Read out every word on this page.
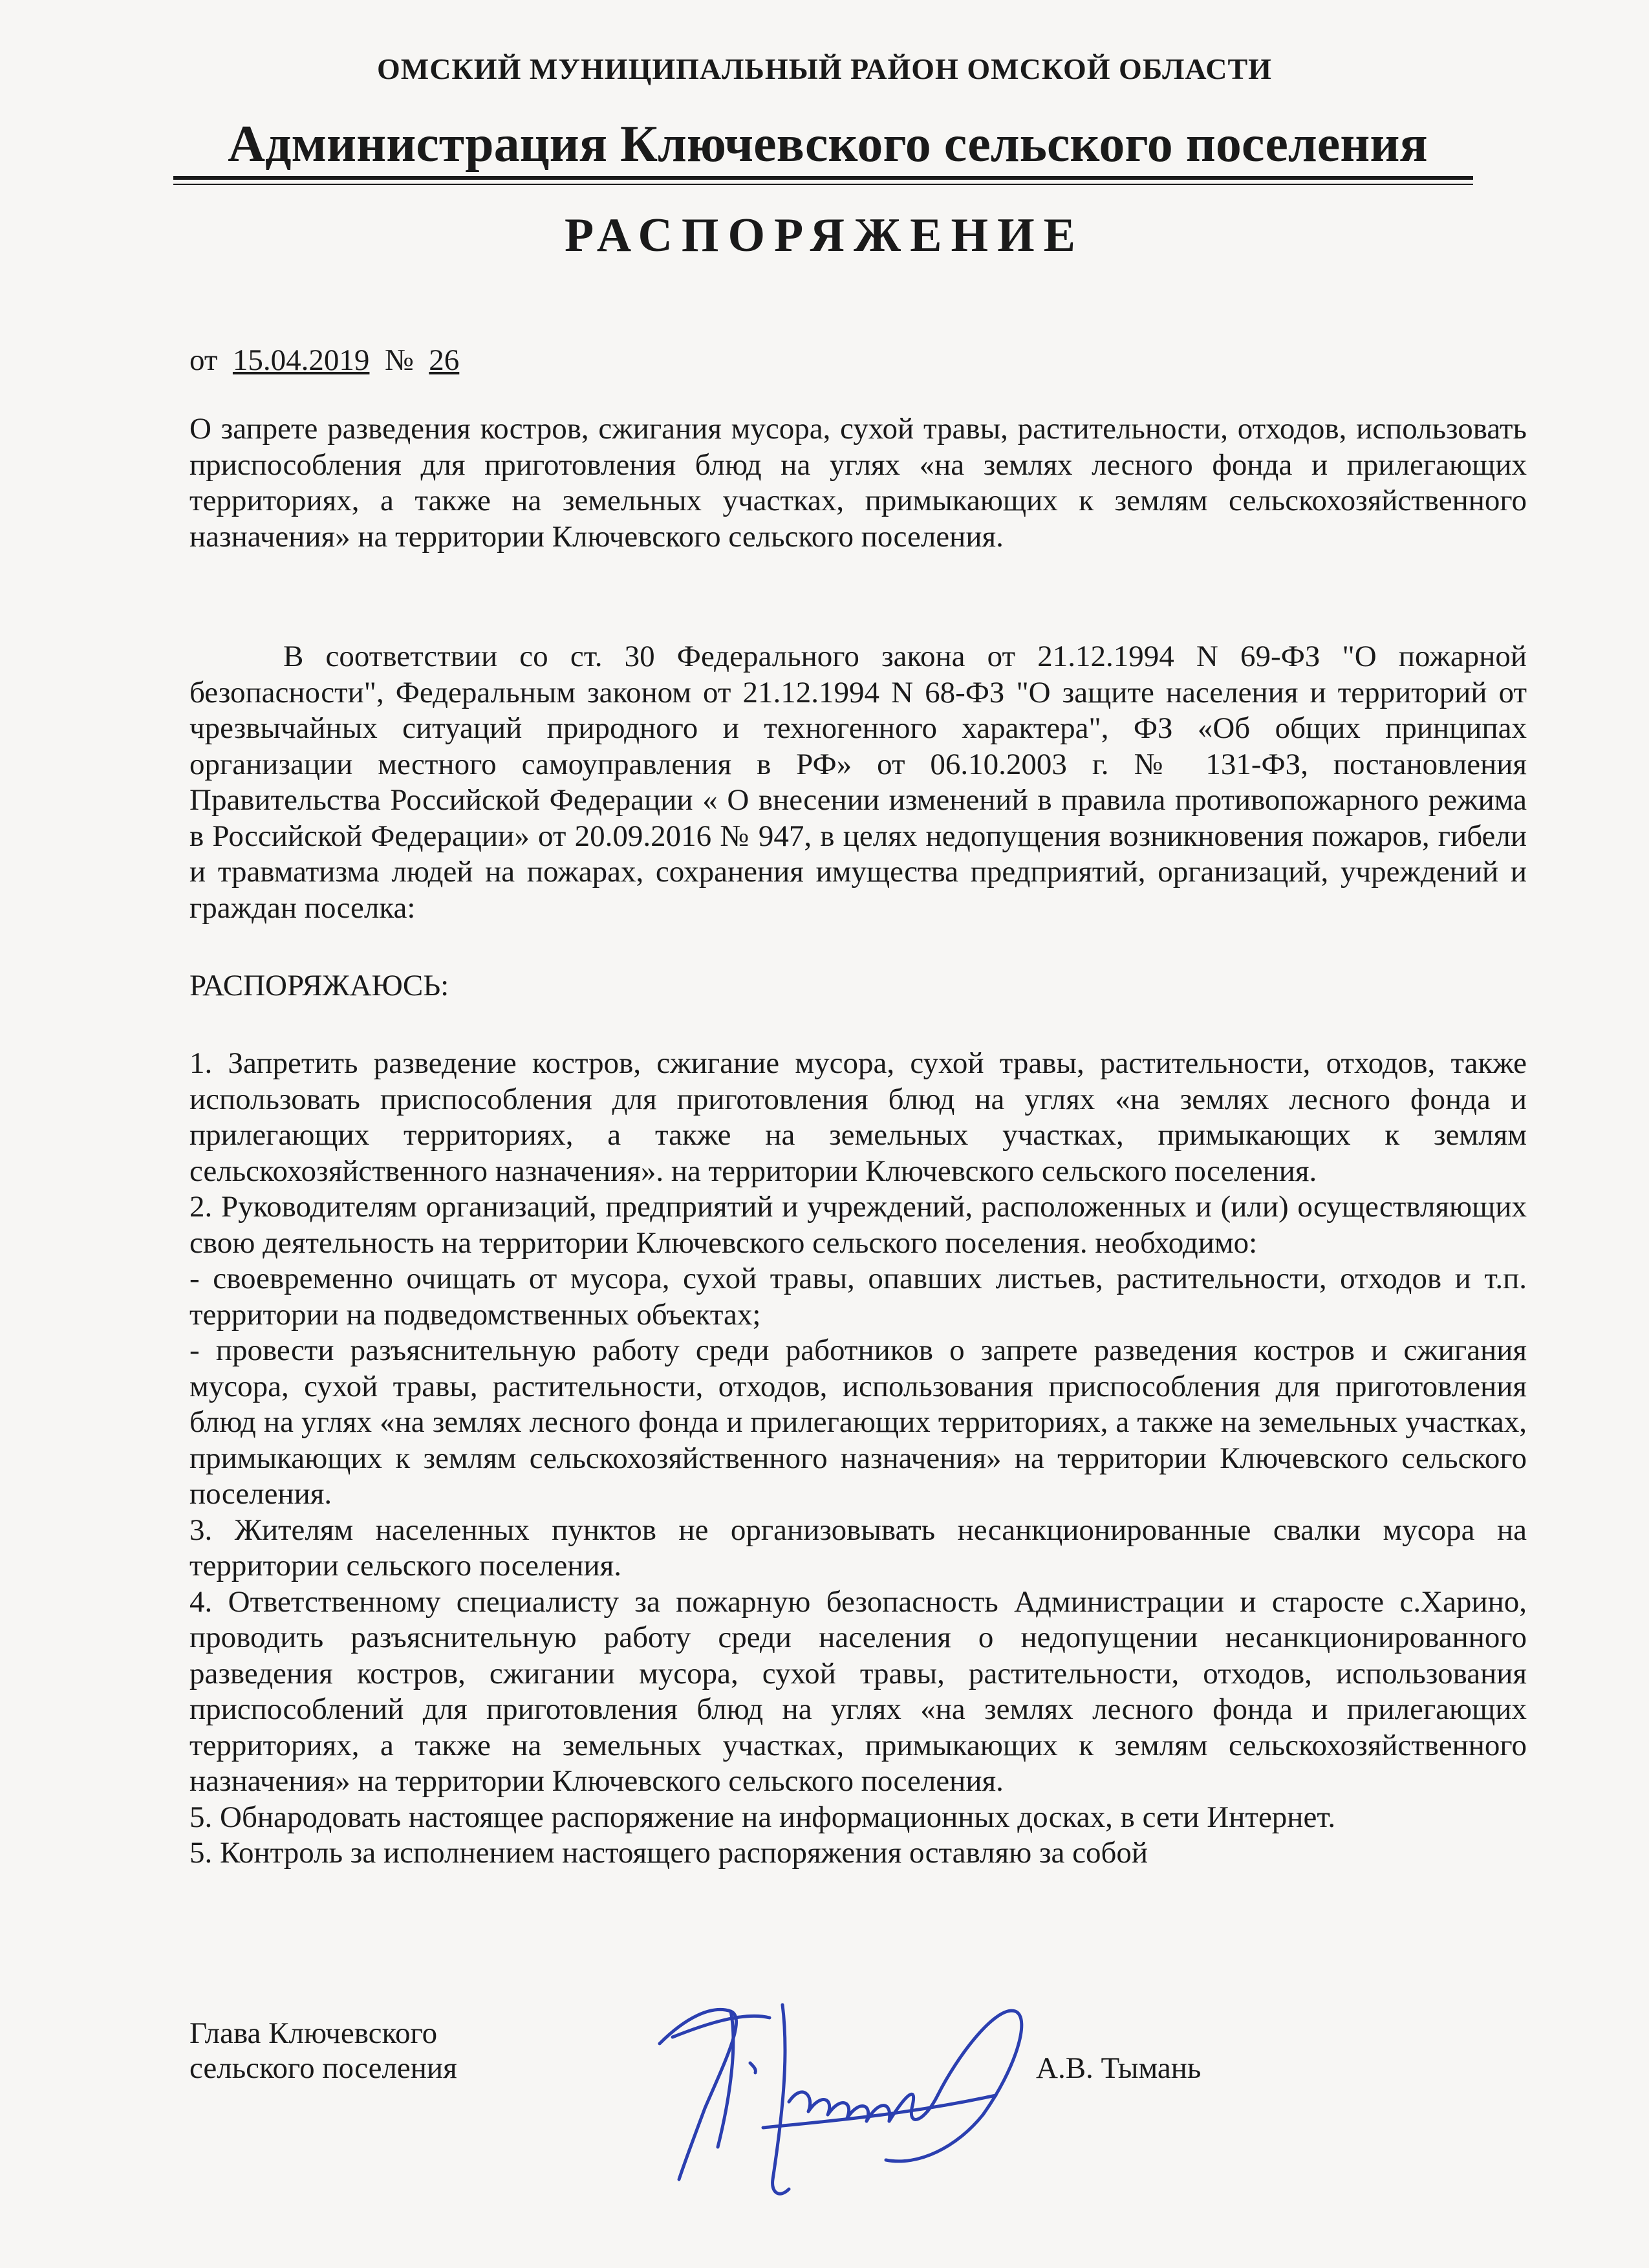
ОМСКИЙ МУНИЦИПАЛЬНЫЙ РАЙОН ОМСКОЙ ОБЛАСТИ
Администрация Ключевского сельского поселения
РАСПОРЯЖЕНИЕ
от 15.04.2019 № 26
О запрете разведения костров, сжигания мусора, сухой травы, растительности, отходов, использовать приспособления для приготовления блюд на углях «на землях лесного фонда и прилегающих территориях, а также на земельных участках, примыкающих к землям сельскохозяйственного назначения» на территории Ключевского сельского поселения.
В соответствии со ст. 30 Федерального закона от 21.12.1994 N 69-ФЗ "О пожарной безопасности", Федеральным законом от 21.12.1994 N 68-ФЗ "О защите населения и территорий от чрезвычайных ситуаций природного и техногенного характера", ФЗ «Об общих принципах организации местного самоуправления в РФ» от 06.10.2003 г. № 131-ФЗ, постановления Правительства Российской Федерации « О внесении изменений в правила противопожарного режима в Российской Федерации» от 20.09.2016 № 947, в целях недопущения возникновения пожаров, гибели и травматизма людей на пожарах, сохранения имущества предприятий, организаций, учреждений и граждан поселка:
РАСПОРЯЖАЮСЬ:

1. Запретить разведение костров, сжигание мусора, сухой травы, растительности, отходов, также использовать приспособления для приготовления блюд на углях «на землях лесного фонда и прилегающих территориях, а также на земельных участках, примыкающих к землям сельскохозяйственного назначения». на территории Ключевского сельского поселения.

2. Руководителям организаций, предприятий и учреждений, расположенных и (или) осуществляющих свою деятельность на территории Ключевского сельского поселения. необходимо:

- своевременно очищать от мусора, сухой травы, опавших листьев, растительности, отходов и т.п. территории на подведомственных объектах;

- провести разъяснительную работу среди работников о запрете разведения костров и сжигания мусора, сухой травы, растительности, отходов, использования приспособления для приготовления блюд на углях «на землях лесного фонда и прилегающих территориях, а также на земельных участках, примыкающих к землям сельскохозяйственного назначения» на территории Ключевского сельского поселения.

3. Жителям населенных пунктов не организовывать несанкционированные свалки мусора на территории сельского поселения.

4. Ответственному специалисту за пожарную безопасность Администрации и старосте с.Харино, проводить разъяснительную работу среди населения о недопущении несанкционированного разведения костров, сжигании мусора, сухой травы, растительности, отходов, использования приспособлений для приготовления блюд на углях «на землях лесного фонда и прилегающих территориях, а также на земельных участках, примыкающих к землям сельскохозяйственного назначения» на территории Ключевского сельского поселения.

5. Обнародовать настоящее распоряжение на информационных досках, в сети Интернет.

5. Контроль за исполнением настоящего распоряжения оставляю за собой

Глава Ключевского
сельского поселения	А.В. Тымань
